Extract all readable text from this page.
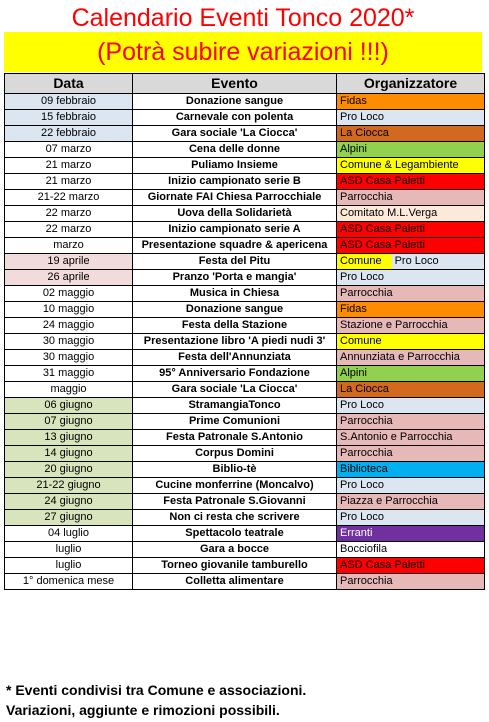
Calendario Eventi Tonco 2020*
(Potrà subire variazioni !!!)
Data	Evento	Organizzatore
09 febbraio	Donazione sangue	Fidas
15 febbraio	Carnevale con polenta	Pro Loco
22 febbraio	Gara sociale 'La Ciocca'	La Ciocca
07 marzo	Cena delle donne	Alpini
21 marzo	Puliamo Insieme	Comune & Legambiente
21 marzo	Inizio campionato serie B	ASD Casa Paletti
21-22 marzo	Giornate FAI Chiesa Parrocchiale	Parrocchia
22 marzo	Uova della Solidarietà	Comitato M.L.Verga
22 marzo	Inizio campionato serie A	ASD Casa Paletti
marzo	Presentazione squadre & apericena	ASD Casa Paletti
19 aprile	Festa del Pitu	Comune Pro Loco

26 aprile	Pranzo 'Porta e mangia'	Pro Loco
02 maggio	Musica in Chiesa	Parrocchia
10 maggio	Donazione sangue	Fidas
24 maggio	Festa della Stazione	Stazione e Parrocchia
30 maggio	Presentazione libro 'A piedi nudi 3'	Comune
30 maggio	Festa dell'Annunziata	Annunziata e Parrocchia
31 maggio	95° Anniversario Fondazione	Alpini
maggio	Gara sociale 'La Ciocca'	La Ciocca
06 giugno	StramangiaTonco	Pro Loco
07 giugno	Prime Comunioni	Parrocchia
13 giugno	Festa Patronale S.Antonio	S.Antonio e Parrocchia
14 giugno	Corpus Domini	Parrocchia
20 giugno	Biblio-tè	Biblioteca
21-22 giugno	Cucine monferrine (Moncalvo)	Pro Loco
24 giugno	Festa Patronale S.Giovanni	Piazza e Parrocchia
27 giugno	Non ci resta che scrivere	Pro Loco
04 luglio	Spettacolo teatrale	Erranti
luglio	Gara a bocce	Bocciofila
luglio	Torneo giovanile tamburello	ASD Casa Paletti
1° domenica mese	Colletta alimentare	Parrocchia
* Eventi condivisi tra Comune e associazioni.
Variazioni, aggiunte e rimozioni possibili.
